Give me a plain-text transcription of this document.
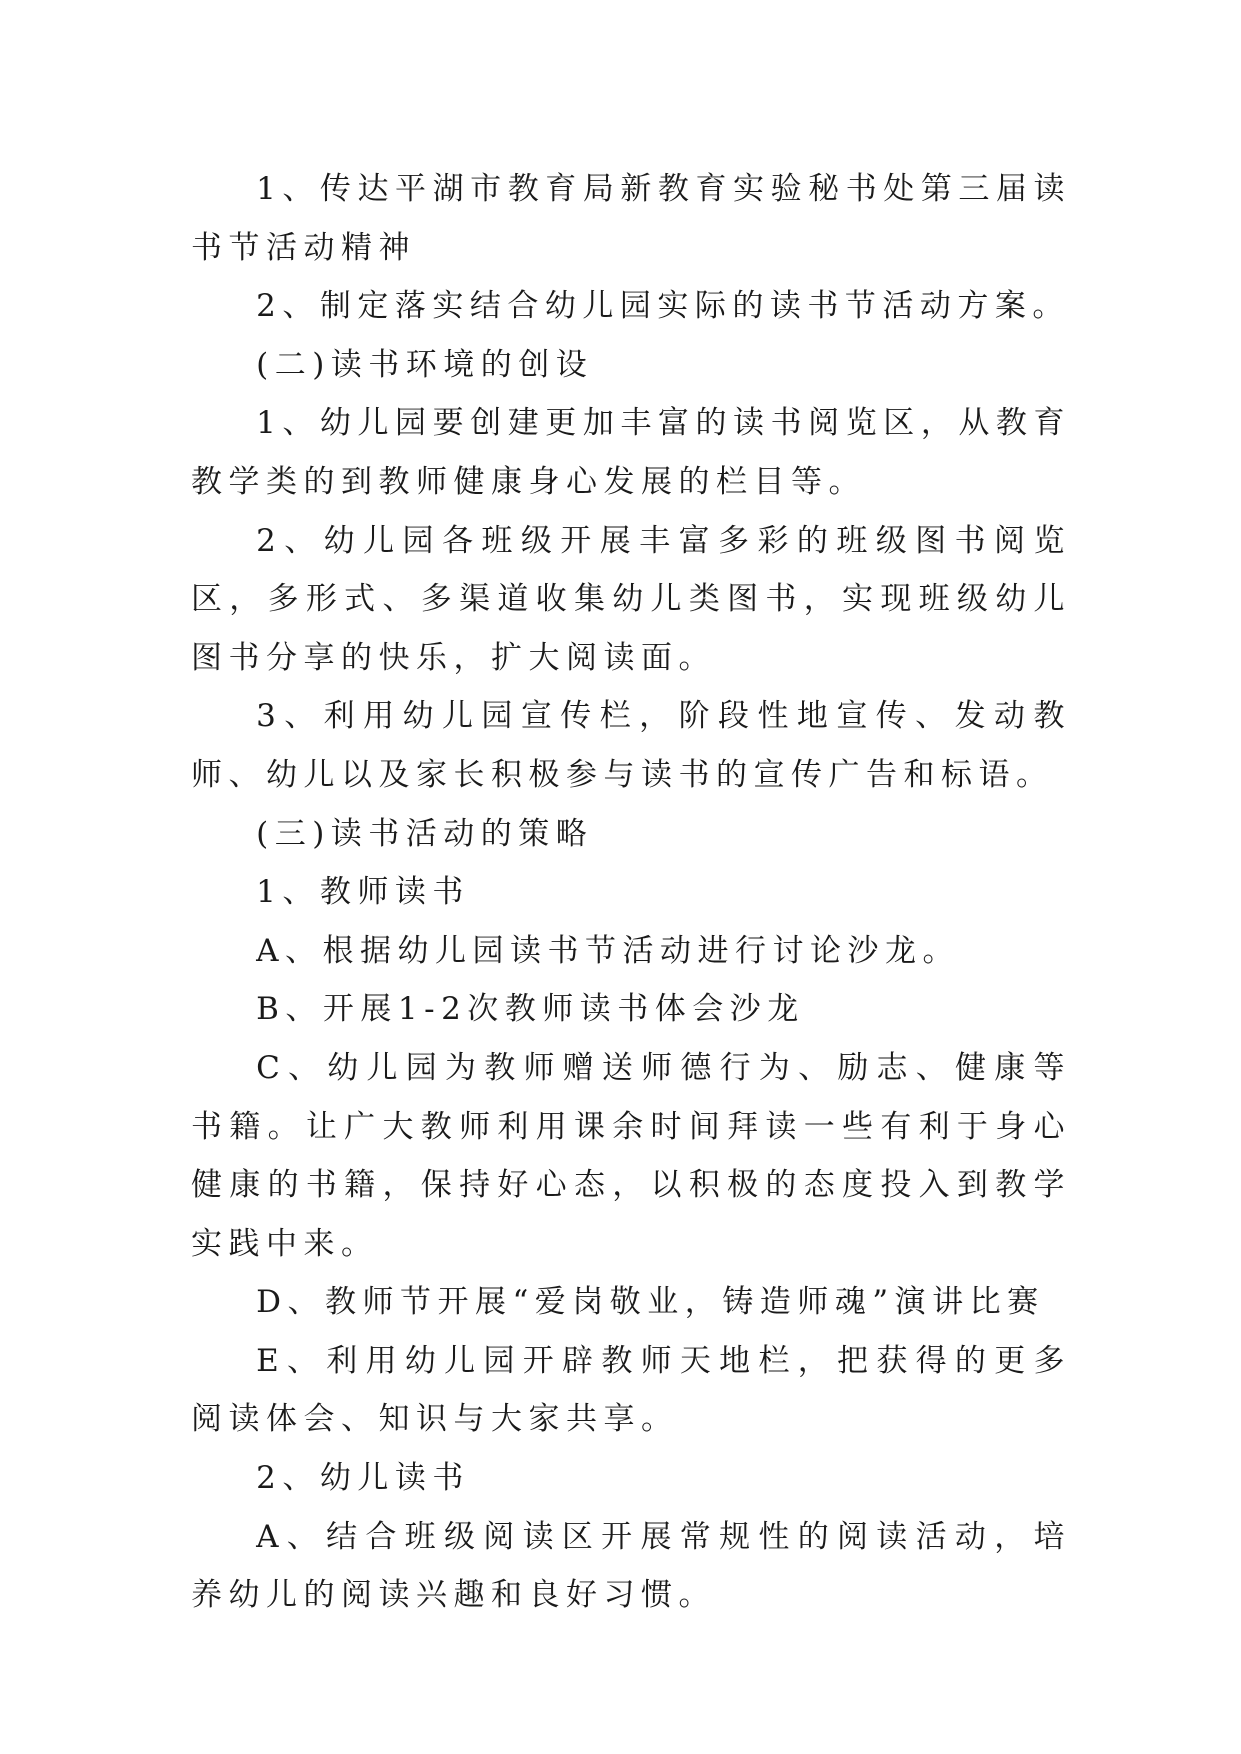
1、传达平湖市教育局新教育实验秘书处第三届读书节活动精神

2、制定落实结合幼儿园实际的读书节活动方案。

(二)读书环境的创设

1、幼儿园要创建更加丰富的读书阅览区，从教育教学类的到教师健康身心发展的栏目等。

2、幼儿园各班级开展丰富多彩的班级图书阅览区，多形式、多渠道收集幼儿类图书，实现班级幼儿图书分享的快乐，扩大阅读面。

3、利用幼儿园宣传栏，阶段性地宣传、发动教师、幼儿以及家长积极参与读书的宣传广告和标语。

(三)读书活动的策略

1、教师读书

A、根据幼儿园读书节活动进行讨论沙龙。

B、开展1-2次教师读书体会沙龙

C、幼儿园为教师赠送师德行为、励志、健康等书籍。让广大教师利用课余时间拜读一些有利于身心健康的书籍，保持好心态，以积极的态度投入到教学实践中来。

D、教师节开展“爱岗敬业，铸造师魂”演讲比赛

E、利用幼儿园开辟教师天地栏，把获得的更多阅读体会、知识与大家共享。

2、幼儿读书

A、结合班级阅读区开展常规性的阅读活动，培养幼儿的阅读兴趣和良好习惯。
